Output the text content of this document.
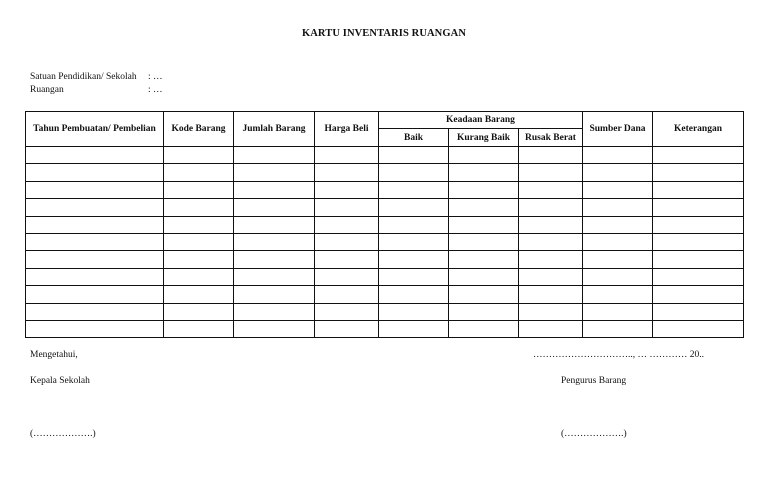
KARTU INVENTARIS RUANGAN
Satuan Pendidikan/ Sekolah : …
Ruangan	: …
Tahun Pembuatan/ Pembelian	Kode Barang	Jumlah Barang	Harga Beli	Keadaan Barang			Sumber Dana	Keterangan
				Baik	Kurang Baik	Rusak Berat		

Mengetahui,	………………………….., … ………… 20..
Kepala Sekolah	Pengurus Barang
(……………….)	(……………….)
